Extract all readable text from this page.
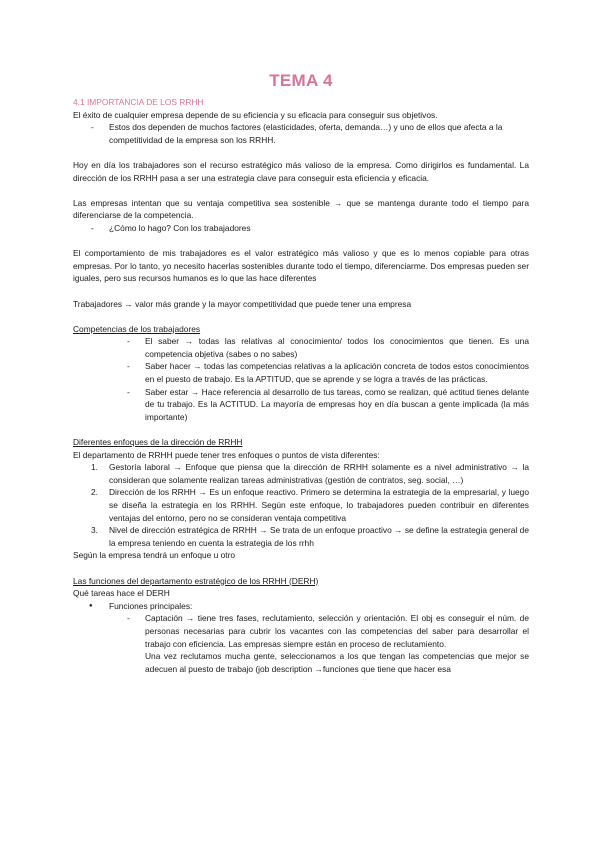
TEMA 4

4.1 IMPORTANCIA DE LOS RRHH

El éxito de cualquier empresa depende de su eficiencia y su eficacia para conseguir sus objetivos.

- Estos dos dependen de muchos factores (elasticidades, oferta, demanda…) y uno de ellos que afecta a la competitividad de la empresa son los RRHH.

Hoy en día los trabajadores son el recurso estratégico más valioso de la empresa. Como dirigirlos es fundamental. La dirección de los RRHH pasa a ser una estrategia clave para conseguir esta eficiencia y eficacia.

Las empresas intentan que su ventaja competitiva sea sostenible → que se mantenga durante todo el tiempo para diferenciarse de la competencia.

- ¿Cómo lo hago? Con los trabajadores

El comportamiento de mis trabajadores es el valor estratégico más valioso y que es lo menos copiable para otras empresas. Por lo tanto, yo necesito hacerlas sostenibles durante todo el tiempo, diferenciarme. Dos empresas pueden ser iguales, pero sus recursos humanos es lo que las hace diferentes

Trabajadores → valor más grande y la mayor competitividad que puede tener una empresa

Competencias de los trabajadores

- El saber → todas las relativas al conocimiento/ todos los conocimientos que tienen. Es una competencia objetiva (sabes o no sabes)
- Saber hacer → todas las competencias relativas a la aplicación concreta de todos estos conocimientos en el puesto de trabajo. Es la APTITUD, que se aprende y se logra a través de las prácticas.
- Saber estar → Hace referencia al desarrollo de tus tareas, como se realizan, qué actitud tienes delante de tu trabajo. Es la ACTITUD. La mayoría de empresas hoy en día buscan a gente implicada (la más importante)

Diferentes enfoques de la dirección de RRHH

El departamento de RRHH puede tener tres enfoques o puntos de vista diferentes:

1. Gestoría laboral → Enfoque que piensa que la dirección de RRHH solamente es a nivel administrativo → la consideran que solamente realizan tareas administrativas (gestión de contratos, seg. social, …)
2. Dirección de los RRHH → Es un enfoque reactivo. Primero se determina la estrategia de la empresarial, y luego se diseña la estrategia en los RRHH. Según este enfoque, lo trabajadores pueden contribuir en diferentes ventajas del entorno, pero no se consideran ventaja competitiva
3. Nivel de dirección estratégica de RRHH → Se trata de un enfoque proactivo → se define la estrategia general de la empresa teniendo en cuenta la estrategia de los rrhh

Según la empresa tendrá un enfoque u otro

Las funciones del departamento estratégico de los RRHH (DERH)

Qué tareas hace el DERH

● Funciones principales:
- Captación → tiene tres fases, reclutamiento, selección y orientación. El obj es conseguir el núm. de personas necesarias para cubrir los vacantes con las competencias del saber para desarrollar el trabajo con eficiencia. Las empresas siempre están en proceso de reclutamiento.

Una vez reclutamos mucha gente, seleccionamos a los que tengan las competencias que mejor se adecuen al puesto de trabajo (job description →funciones que tiene que hacer esa
